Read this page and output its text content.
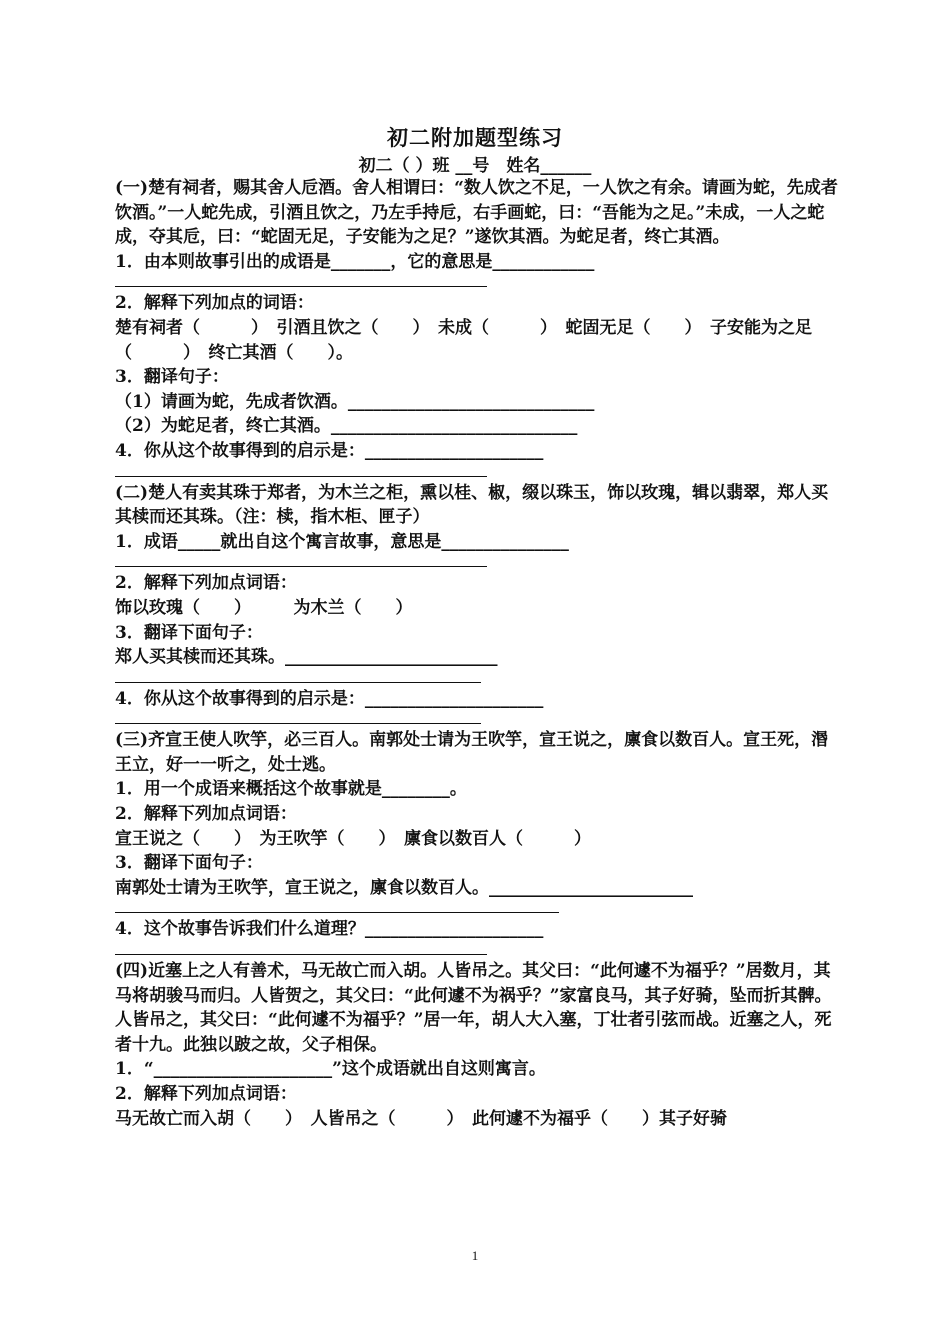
初二附加题型练习
初二（ ）班 __号　姓名______

(一)楚有祠者，赐其舍人卮酒。舍人相谓曰：“数人饮之不足，一人饮之有余。请画为蛇，先成者饮酒。”一人蛇先成，引酒且饮之，乃左手持卮，右手画蛇，曰：“吾能为之足。”未成，一人之蛇成，夺其卮，曰：“蛇固无足，子安能为之足？”遂饮其酒。为蛇足者，终亡其酒。

1．由本则故事引出的成语是_______，它的意思是____________

2．解释下列加点的词语：

楚有祠者（　　　）　引酒且饮之（　　）　未成（　　　）　蛇固无足（　　）　子安能为之足（　　　）　终亡其酒（　　）。

3．翻译句子：

（1）请画为蛇，先成者饮酒。_____________________________

（2）为蛇足者，终亡其酒。_____________________________

4．你从这个故事得到的启示是：_____________________

(二)楚人有卖其珠于郑者，为木兰之柜，熏以桂、椒，缀以珠玉，饰以玫瑰，辑以翡翠，郑人买其椟而还其珠。（注：椟，指木柜、匣子）

1．成语_____就出自这个寓言故事，意思是_______________

2．解释下列加点词语：

饰以玫瑰（　　）　　　为木兰（　　）

3．翻译下面句子：

郑人买其椟而还其珠。_________________________

4．你从这个故事得到的启示是：_____________________

(三)齐宣王使人吹竽，必三百人。南郭处士请为王吹竽，宣王说之，廪食以数百人。宣王死，湣王立，好一一听之，处士逃。

1．用一个成语来概括这个故事就是________。

2．解释下列加点词语：

宣王说之（　　）　为王吹竽（　　）　廪食以数百人（　　　）

3．翻译下面句子：

南郭处士请为王吹竽，宣王说之，廪食以数百人。________________________

4．这个故事告诉我们什么道理？_____________________

(四)近塞上之人有善术，马无故亡而入胡。人皆吊之。其父曰：“此何遽不为福乎？”居数月，其马将胡骏马而归。人皆贺之，其父曰：“此何遽不为祸乎？”家富良马，其子好骑，坠而折其髀。人皆吊之，其父曰：“此何遽不为福乎？”居一年，胡人大入塞，丁壮者引弦而战。近塞之人，死者十九。此独以跛之故，父子相保。

1．“_____________________”这个成语就出自这则寓言。

2．解释下列加点词语：

马无故亡而入胡（　　）　人皆吊之（　　　）　此何遽不为福乎（　　）其子好骑

1
